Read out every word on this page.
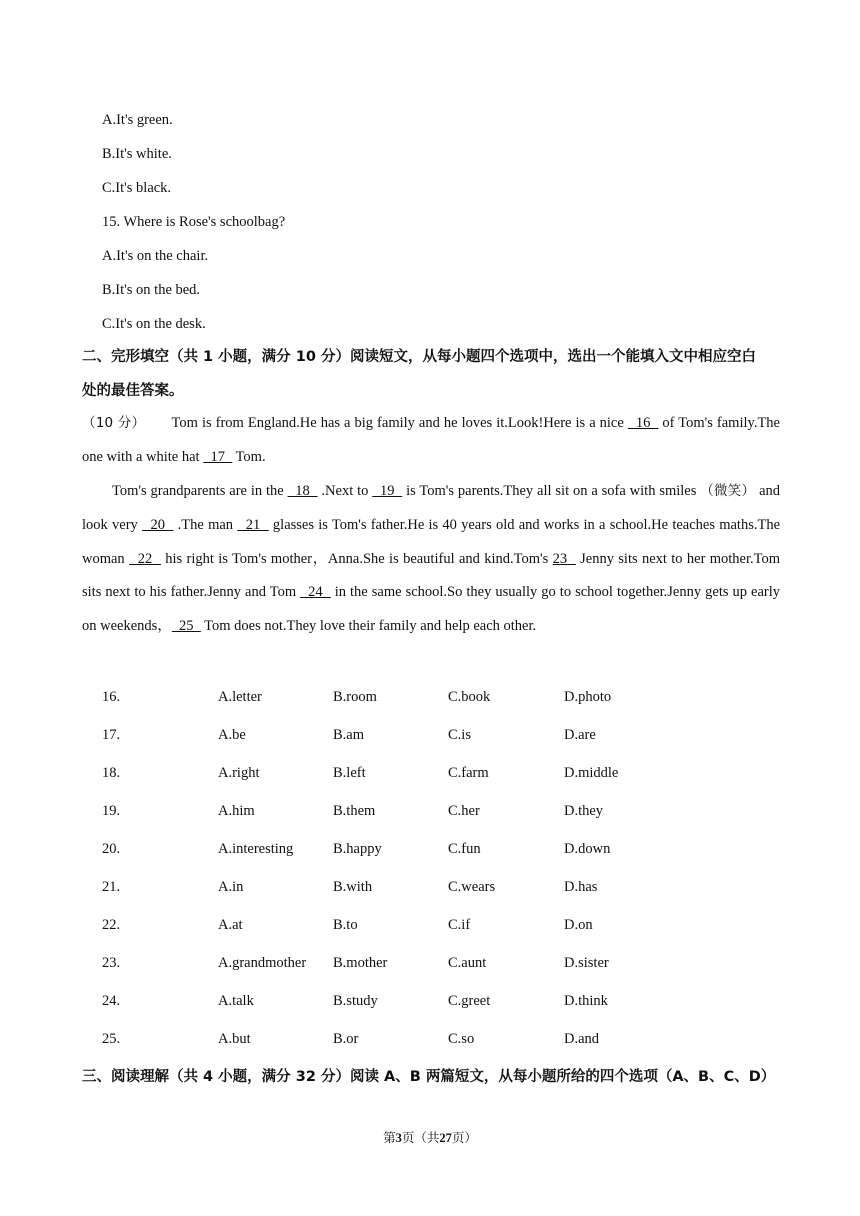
A.It's green.
B.It's white.
C.It's black.
15. Where is Rose's schoolbag?
A.It's on the chair.
B.It's on the bed.
C.It's on the desk.
二、完形填空（共 1 小题，满分 10 分）阅读短文，从每小题四个选项中，选出一个能填入文中相应空白
处的最佳答案。
（10 分） Tom is from England.He has a big family and he loves it.Look!Here is a nice   16   of Tom's family.The one with a white hat   17   Tom.
Tom's grandparents are in the   18   .Next to   19   is Tom's parents.They all sit on a sofa with smiles （微笑） and look very   20   .The man   21   glasses is Tom's father.He is 40 years old and works in a school.He teaches maths.The woman   22   his right is Tom's mother，Anna.She is beautiful and kind.Tom's 23   Jenny sits next to her mother.Tom sits next to his father.Jenny and Tom   24   in the same school.So they usually go to school together.Jenny gets up early on weekends，  25   Tom does not.They love their family and help each other.
16.	A.letter	B.room	C.book	D.photo
17.	A.be	B.am	C.is	D.are
18.	A.right	B.left	C.farm	D.middle
19.	A.him	B.them	C.her	D.they
20.	A.interesting	B.happy	C.fun	D.down
21.	A.in	B.with	C.wears	D.has
22.	A.at	B.to	C.if	D.on
23.	A.grandmother B.mother	C.aunt	D.sister
24.	A.talk	B.study	C.greet	D.think
25.	A.but	B.or	C.so	D.and
三、阅读理解（共 4 小题，满分 32 分）阅读 A、B 两篇短文，从每小题所给的四个选项（A、B、C、D）
第3页（共27页）
